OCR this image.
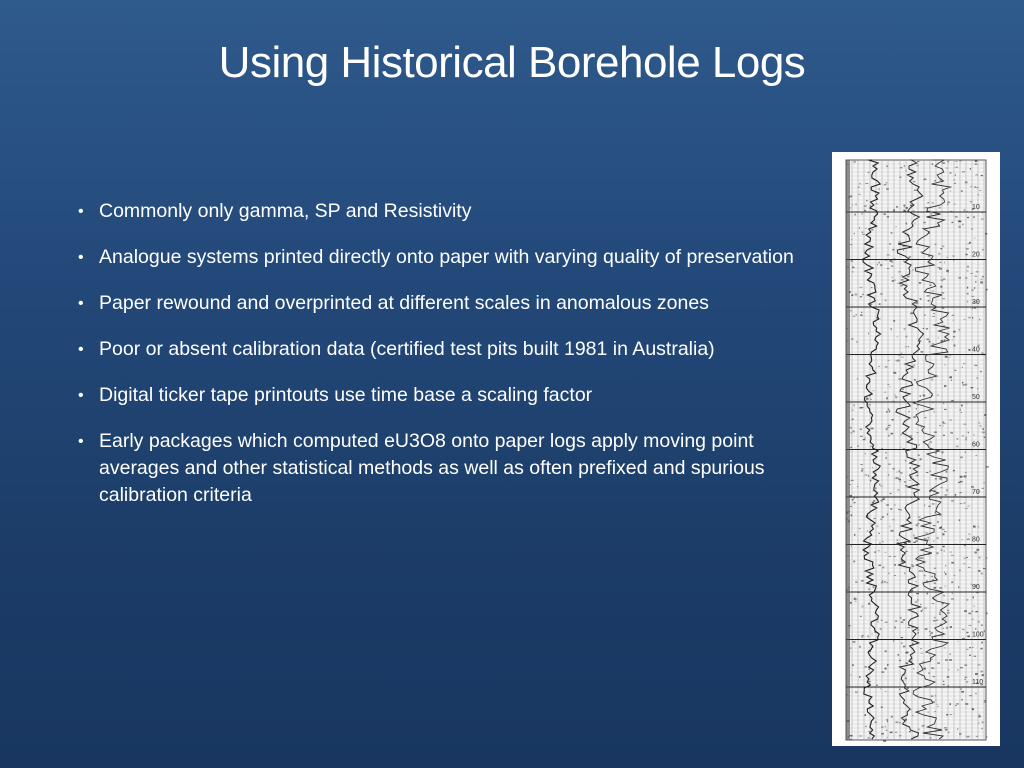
Using Historical Borehole Logs
• Commonly only gamma, SP and Resistivity
• Analogue systems printed directly onto paper with varying quality of preservation
• Paper rewound and overprinted at different scales in anomalous zones
• Poor or absent calibration data (certified test pits built 1981 in Australia)
• Digital ticker tape printouts use time base a scaling factor
• Early packages which computed eU3O8 onto paper logs apply moving point averages and other statistical methods as well as often prefixed and spurious calibration criteria
10
20
30
40
50
60
70
80
90
100
110
